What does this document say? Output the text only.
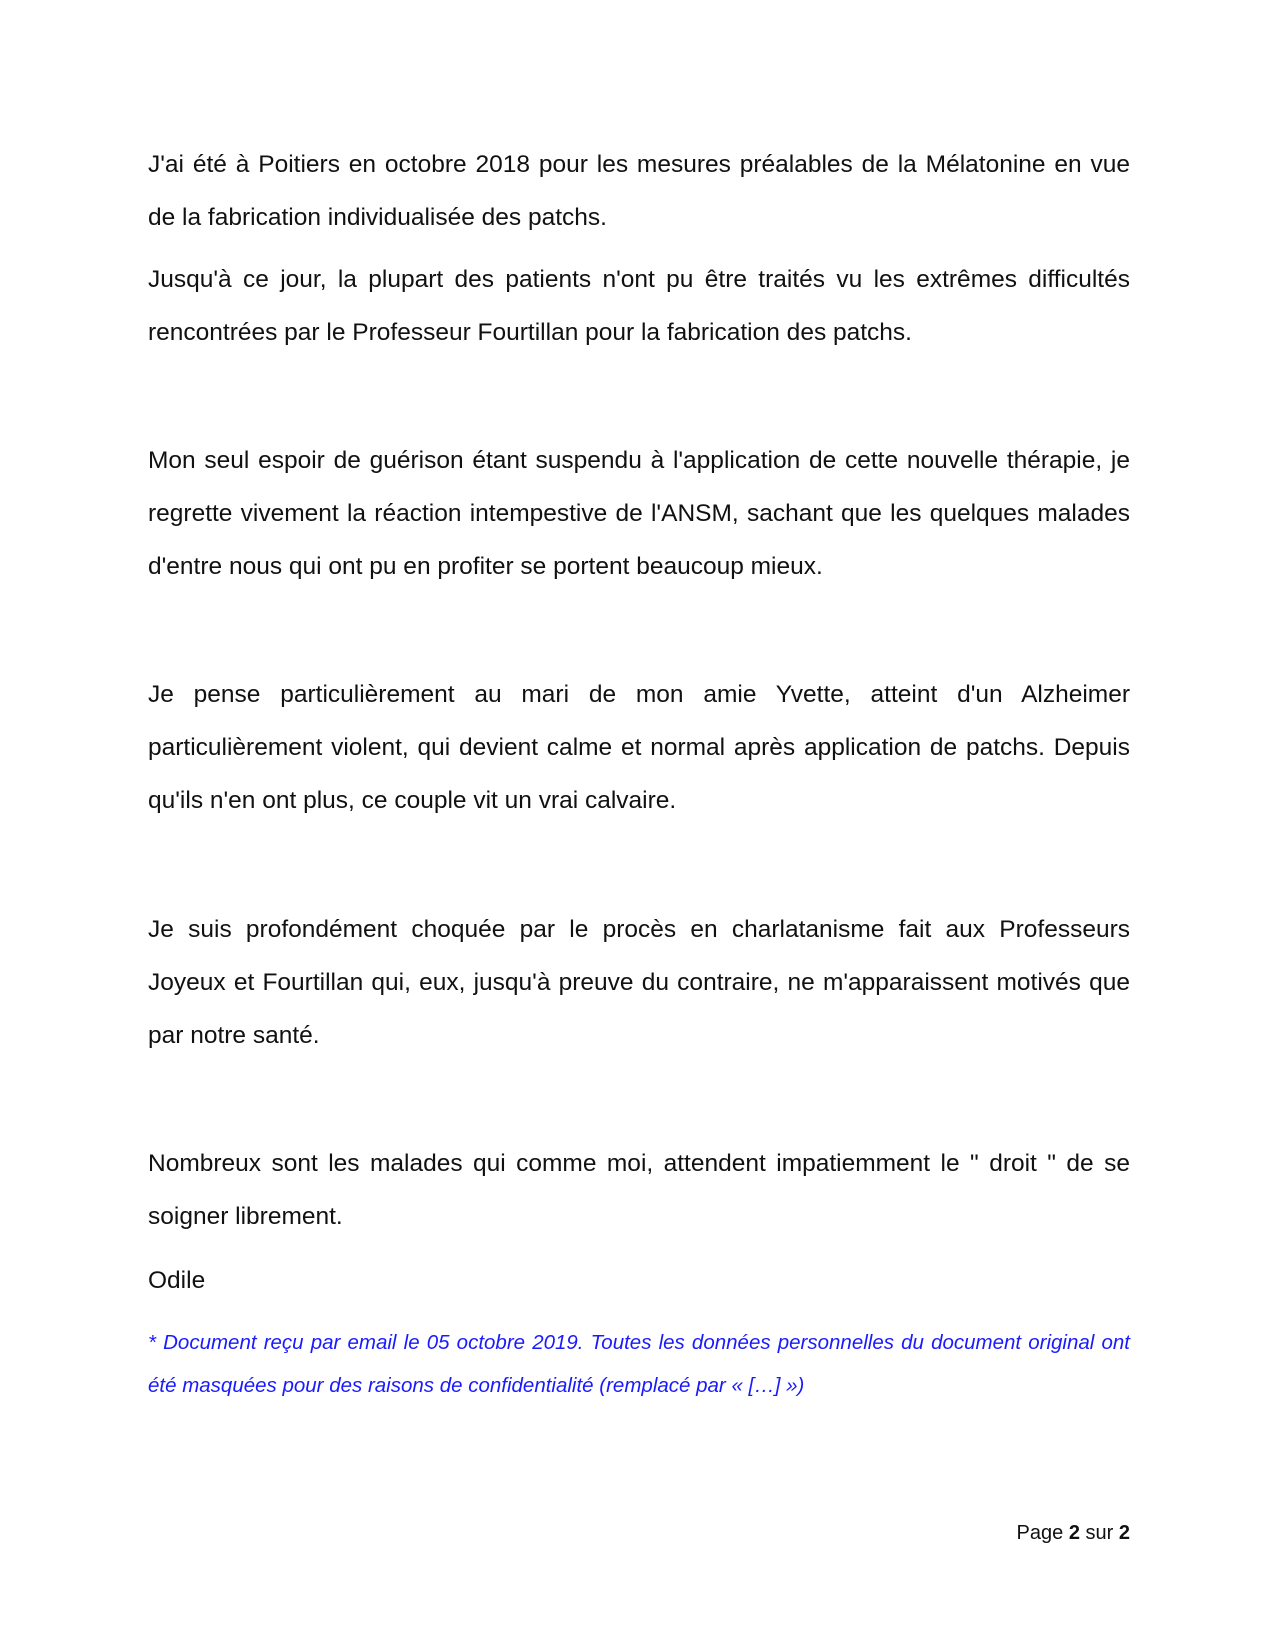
J'ai été à Poitiers en octobre 2018 pour les mesures préalables de la Mélatonine en vue de la fabrication individualisée des patchs.

Jusqu'à ce jour, la plupart des patients n'ont pu être traités vu les extrêmes difficultés rencontrées par le Professeur Fourtillan pour la fabrication des patchs.

Mon seul espoir de guérison étant suspendu à l'application de cette nouvelle thérapie, je regrette vivement la réaction intempestive de l'ANSM, sachant que les quelques malades d'entre nous qui ont pu en profiter se portent beaucoup mieux.

Je pense particulièrement au mari de mon amie Yvette, atteint d'un Alzheimer particulièrement violent, qui devient calme et normal après application de patchs. Depuis qu'ils n'en ont plus, ce couple vit un vrai calvaire.

Je suis profondément choquée par le procès en charlatanisme fait aux Professeurs Joyeux et Fourtillan qui, eux, jusqu'à preuve du contraire, ne m'apparaissent motivés que par notre santé.

Nombreux sont les malades qui comme moi, attendent impatiemment le " droit " de se soigner librement.

Odile

* Document reçu par email le 05 octobre 2019. Toutes les données personnelles du document original ont été masquées pour des raisons de confidentialité (remplacé par « […] »)

Page 2 sur 2
